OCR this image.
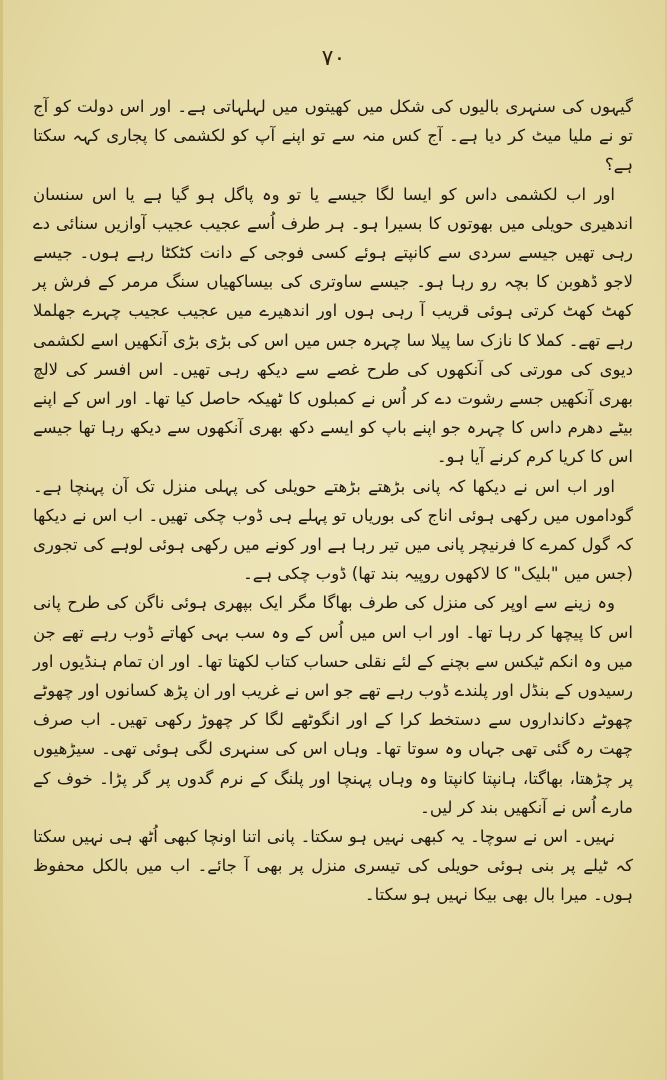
۷۰

گیہوں کی سنہری بالیوں کی شکل میں کھیتوں میں لہلہاتی ہے۔ اور اس دولت کو آج تو نے ملیا میٹ کر دیا ہے۔ آج کس منہ سے تو اپنے آپ کو لکشمی کا پجاری کہہ سکتا ہے؟

اور اب لکشمی داس کو ایسا لگا جیسے یا تو وہ پاگل ہو گیا ہے یا اس سنسان اندھیری حویلی میں بھوتوں کا بسیرا ہو۔ ہر طرف اُسے عجیب عجیب آوازیں سنائی دے رہی تھیں جیسے سردی سے کانپتے ہوئے کسی فوجی کے دانت کٹکٹا رہے ہوں۔ جیسے لاجو ڈھوبن کا بچہ رو رہا ہو۔ جیسے ساوتری کی بیساکھیاں سنگ مرمر کے فرش پر کھٹ کھٹ کرتی ہوئی قریب آ رہی ہوں اور اندھیرے میں عجیب عجیب چہرے جھلملا رہے تھے۔ کملا کا نازک سا پیلا سا چہرہ جس میں اس کی بڑی بڑی آنکھیں اسے لکشمی دیوی کی مورتی کی آنکھوں کی طرح غصے سے دیکھ رہی تھیں۔ اس افسر کی لالچ بھری آنکھیں جسے رشوت دے کر اُس نے کمبلوں کا ٹھیکہ حاصل کیا تھا۔ اور اس کے اپنے بیٹے دھرم داس کا چہرہ جو اپنے باپ کو ایسے دکھ بھری آنکھوں سے دیکھ رہا تھا جیسے اس کا کریا کرم کرنے آیا ہو۔

اور اب اس نے دیکھا کہ پانی بڑھتے بڑھتے حویلی کی پہلی منزل تک آن پہنچا ہے۔ گوداموں میں رکھی ہوئی اناج کی بوریاں تو پہلے ہی ڈوب چکی تھیں۔ اب اس نے دیکھا کہ گول کمرے کا فرنیچر پانی میں تیر رہا ہے اور کونے میں رکھی ہوئی لوہے کی تجوری (جس میں "بلیک" کا لاکھوں روپیہ بند تھا) ڈوب چکی ہے۔

وہ زینے سے اوپر کی منزل کی طرف بھاگا مگر ایک بپھری ہوئی ناگن کی طرح پانی اس کا پیچھا کر رہا تھا۔ اور اب اس میں اُس کے وہ سب بہی کھاتے ڈوب رہے تھے جن میں وہ انکم ٹیکس سے بچنے کے لئے نقلی حساب کتاب لکھتا تھا۔ اور ان تمام ہنڈیوں اور رسیدوں کے بنڈل اور پلندے ڈوب رہے تھے جو اس نے غریب اور ان پڑھ کسانوں اور چھوٹے چھوٹے دکانداروں سے دستخط کرا کے اور انگوٹھے لگا کر چھوڑ رکھی تھیں۔ اب صرف چھت رہ گئی تھی جہاں وہ سوتا تھا۔ وہاں اس کی سنہری لگی ہوئی تھی۔ سیڑھیوں پر چڑھتا، بھاگتا، ہانپتا کانپتا وہ وہاں پہنچا اور پلنگ کے نرم گدوں پر گر پڑا۔ خوف کے مارے اُس نے آنکھیں بند کر لیں۔

نہیں۔ اس نے سوچا۔ یہ کبھی نہیں ہو سکتا۔ پانی اتنا اونچا کبھی اُٹھ ہی نہیں سکتا کہ ٹیلے پر بنی ہوئی حویلی کی تیسری منزل پر بھی آ جائے۔ اب میں بالکل محفوظ ہوں۔ میرا بال بھی بیکا نہیں ہو سکتا۔
